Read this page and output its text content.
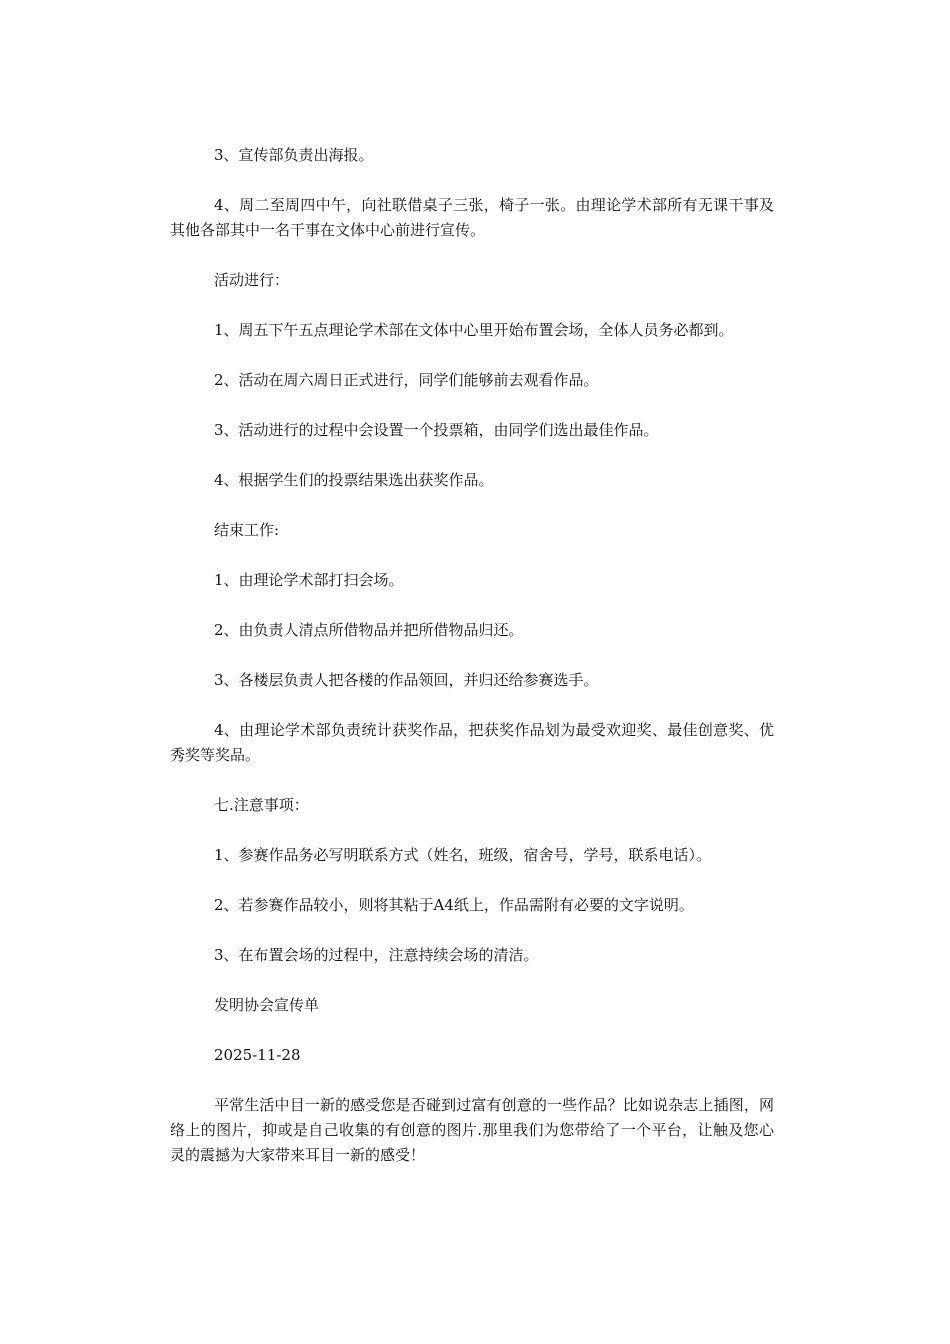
3、宣传部负责出海报。

4、周二至周四中午，向社联借桌子三张，椅子一张。由理论学术部所有无课干事及其他各部其中一名干事在文体中心前进行宣传。

活动进行：

1、周五下午五点理论学术部在文体中心里开始布置会场，全体人员务必都到。

2、活动在周六周日正式进行，同学们能够前去观看作品。

3、活动进行的过程中会设置一个投票箱，由同学们选出最佳作品。

4、根据学生们的投票结果选出获奖作品。

结束工作:

1、由理论学术部打扫会场。

2、由负责人清点所借物品并把所借物品归还。

3、各楼层负责人把各楼的作品领回，并归还给参赛选手。

4、由理论学术部负责统计获奖作品，把获奖作品划为最受欢迎奖、最佳创意奖、优秀奖等奖品。

七.注意事项：

1、参赛作品务必写明联系方式（姓名，班级，宿舍号，学号，联系电话）。

2、若参赛作品较小，则将其粘于A4纸上，作品需附有必要的文字说明。

3、在布置会场的过程中，注意持续会场的清洁。

发明协会宣传单

2025-11-28

平常生活中目一新的感受您是否碰到过富有创意的一些作品？比如说杂志上插图，网络上的图片，抑或是自己收集的有创意的图片.那里我们为您带给了一个平台，让触及您心灵的震撼为大家带来耳目一新的感受！
